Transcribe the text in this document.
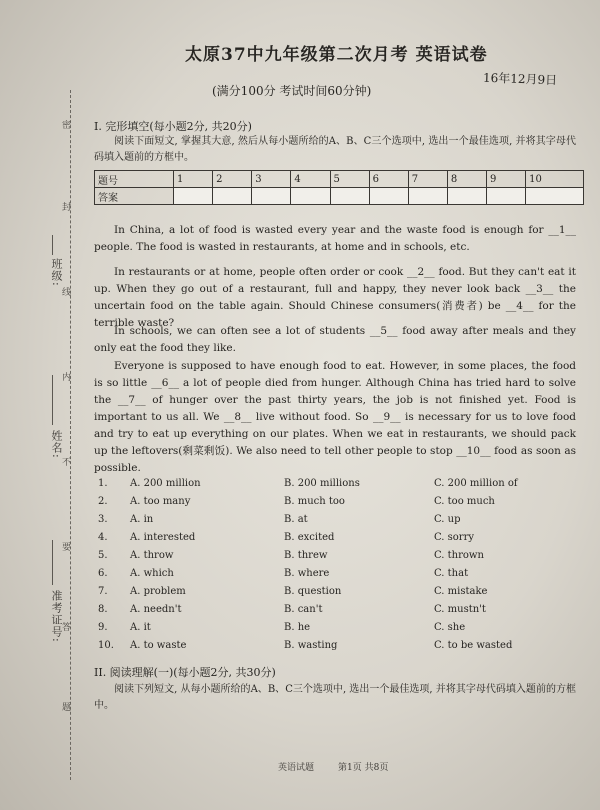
班级:
姓名:
准考证号:
密
封
线
内
不
要
答
题
太原37中九年级第二次月考 英语试卷
16年12月9日
(满分100分 考试时间60分钟)
I. 完形填空(每小题2分, 共20分)
阅读下面短文, 掌握其大意, 然后从每小题所给的A、B、C三个选项中, 选出一个最佳选项, 并将其字母代码填入题前的方框中。
题号	1	2	3	4	5	6	7	8	9	10
答案										
In China, a lot of food is wasted every year and the waste food is enough for __1__ people. The food is wasted in restaurants, at home and in schools, etc.
In restaurants or at home, people often order or cook __2__ food. But they can't eat it up. When they go out of a restaurant, full and happy, they never look back __3__ the uncertain food on the table again. Should Chinese consumers(消费者) be __4__ for the terrible waste?
In schools, we can often see a lot of students __5__ food away after meals and they only eat the food they like.
Everyone is supposed to have enough food to eat. However, in some places, the food is so little __6__ a lot of people died from hunger. Although China has tried hard to solve the __7__ of hunger over the past thirty years, the job is not finished yet. Food is important to us all. We __8__ live without food. So __9__ is necessary for us to love food and try to eat up everything on our plates. When we eat in restaurants, we should pack up the leftovers(剩菜剩饭). We also need to tell other people to stop __10__ food as soon as possible.
1. A. 200 million	B. 200 millions	C. 200 million of
2. A. too many	B. much too	C. too much
3. A. in	B. at	C. up
4. A. interested	B. excited	C. sorry
5. A. throw	B. threw	C. thrown
6. A. which	B. where	C. that
7. A. problem	B. question	C. mistake
8. A. needn't	B. can't	C. mustn't
9. A. it	B. he	C. she
10. A. to waste	B. wasting	C. to be wasted
II. 阅读理解(一)(每小题2分, 共30分)
阅读下列短文, 从每小题所给的A、B、C三个选项中, 选出一个最佳选项, 并将其字母代码填入题前的方框中。
英语试题	第1页 共8页
